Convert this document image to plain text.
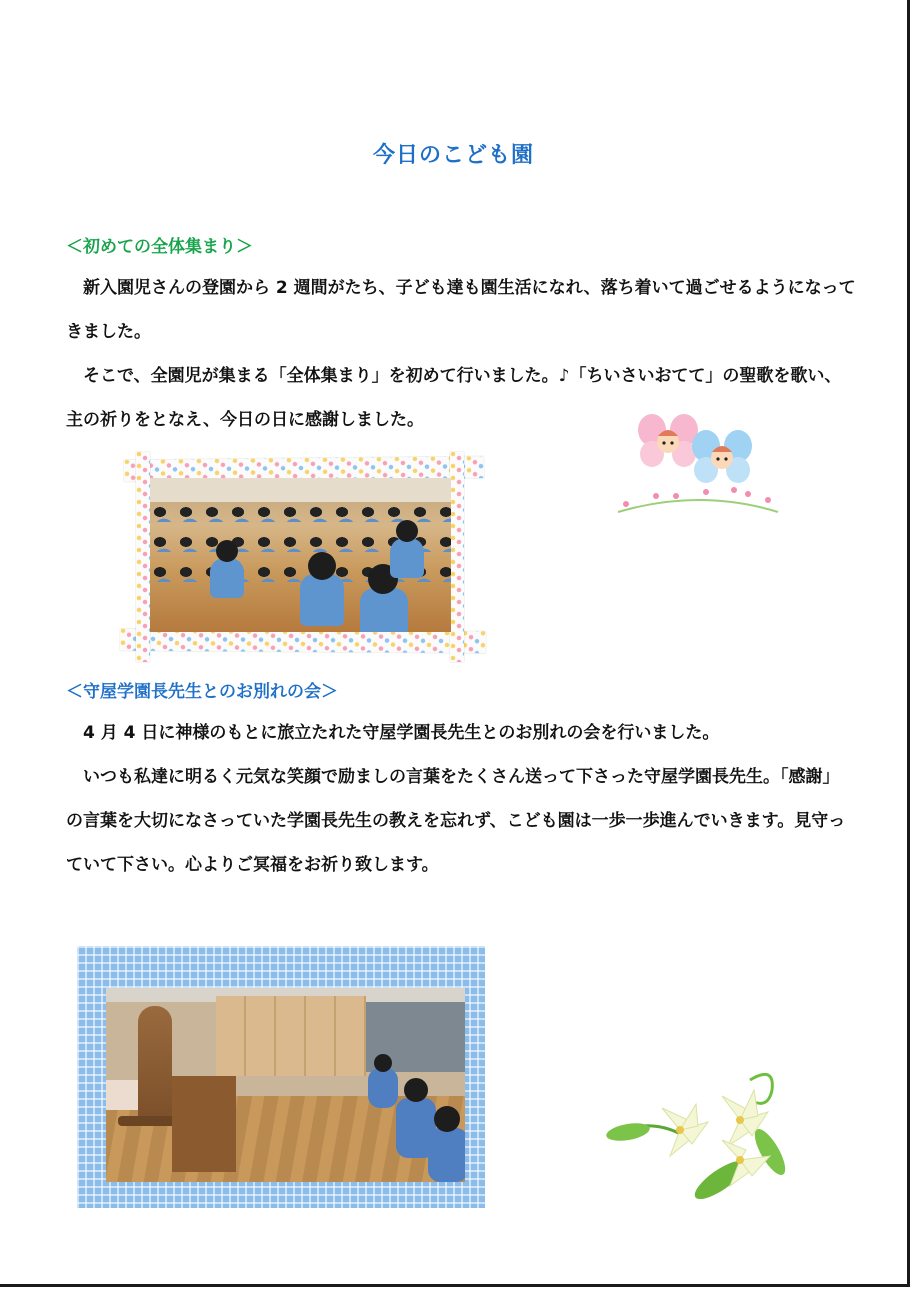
今日のこども園
＜初めての全体集まり＞

新入園児さんの登園から 2 週間がたち、子ども達も園生活になれ、落ち着いて過ごせるようになってきました。

そこで、全園児が集まる「全体集まり」を初めて行いました。♪「ちいさいおてて」の聖歌を歌い、主の祈りをとなえ、今日の日に感謝しました。

＜守屋学園長先生とのお別れの会＞

4 月 4 日に神様のもとに旅立たれた守屋学園長先生とのお別れの会を行いました。

いつも私達に明るく元気な笑顔で励ましの言葉をたくさん送って下さった守屋学園長先生。「感謝」の言葉を大切になさっていた学園長先生の教えを忘れず、こども園は一歩一歩進んでいきます。見守っていて下さい。心よりご冥福をお祈り致します。
